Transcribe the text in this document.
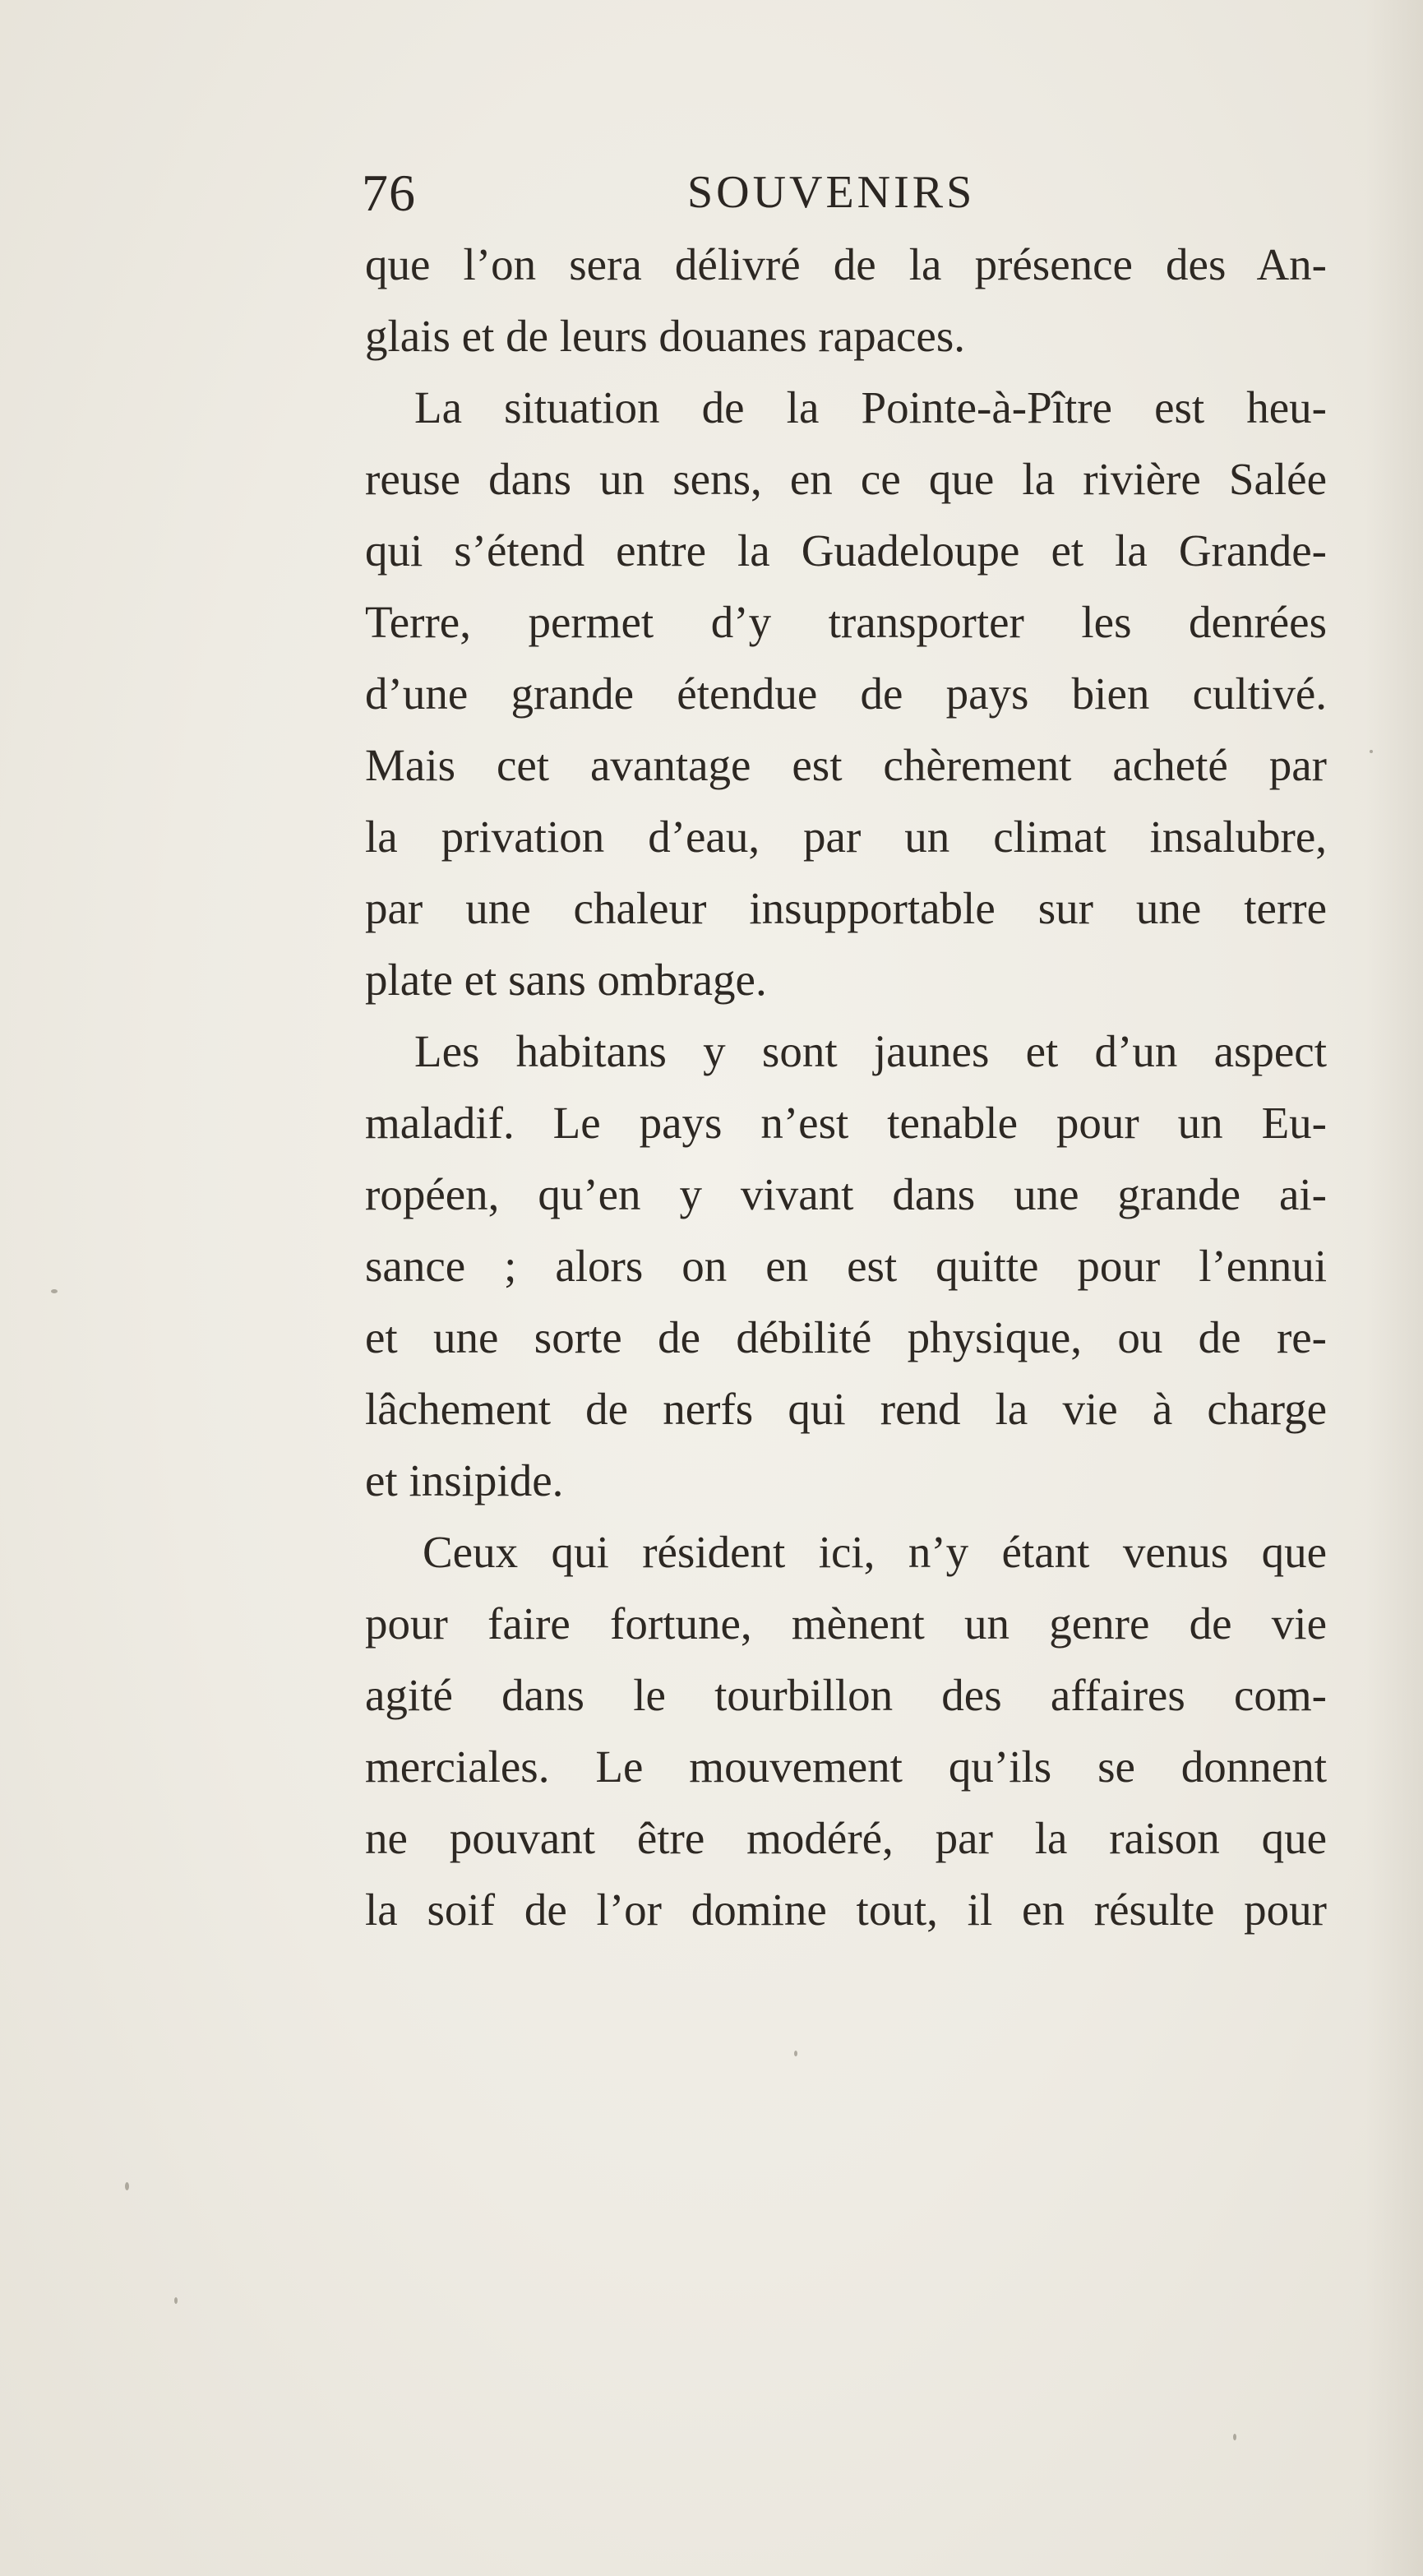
76	SOUVENIRS
que l’on sera délivré de la présence des An-
glais et de leurs douanes rapaces.
La situation de la Pointe-à-Pître est heu-
reuse dans un sens, en ce que la rivière Salée
qui s’étend entre la Guadeloupe et la Grande-
Terre, permet d’y transporter les denrées
d’une grande étendue de pays bien cultivé.
Mais cet avantage est chèrement acheté par
la privation d’eau, par un climat insalubre,
par une chaleur insupportable sur une terre
plate et sans ombrage.
Les habitans y sont jaunes et d’un aspect
maladif. Le pays n’est tenable pour un Eu-
ropéen, qu’en y vivant dans une grande ai-
sance ; alors on en est quitte pour l’ennui
et une sorte de débilité physique, ou de re-
lâchement de nerfs qui rend la vie à charge
et insipide.
Ceux qui résident ici, n’y étant venus que
pour faire fortune, mènent un genre de vie
agité dans le tourbillon des affaires com-
merciales. Le mouvement qu’ils se donnent
ne pouvant être modéré, par la raison que
la soif de l’or domine tout, il en résulte pour
